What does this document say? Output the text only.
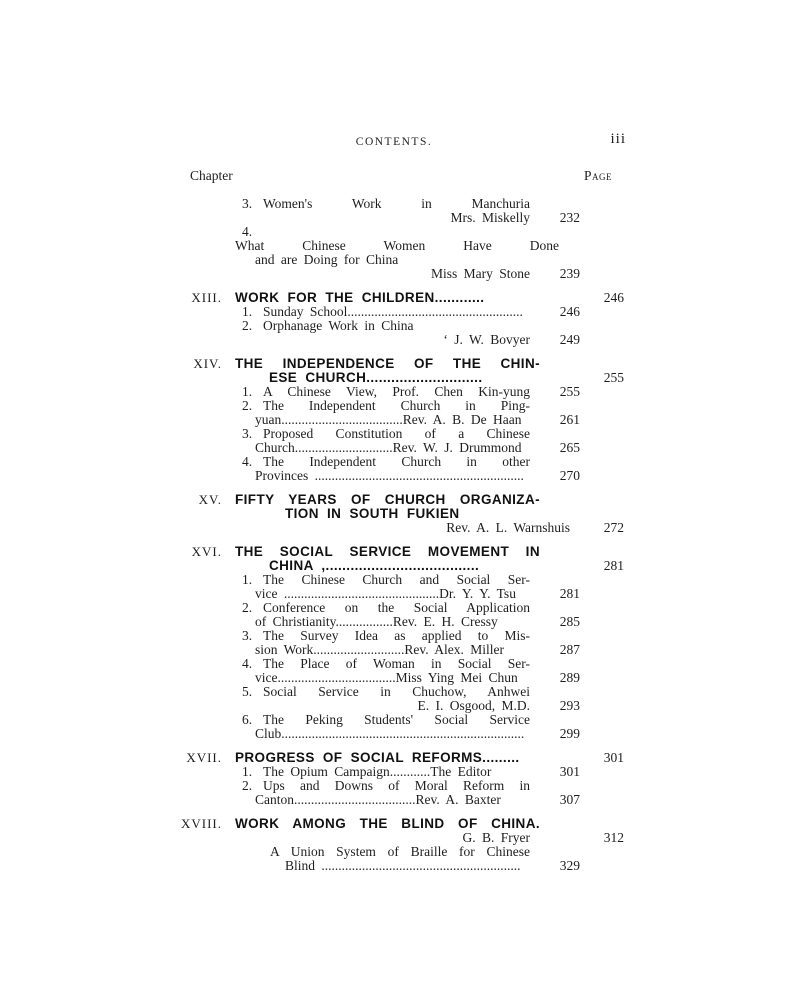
CONTENTS.	iii
Chapter	Page
3. Women's Work in Manchuria
Mrs. Miskelly	232
4.What Chinese Women Have Done
and are Doing for China
Miss Mary Stone	239
XIII. WORK FOR THE CHILDREN............	246
1. Sunday School....................................................	246
2. Orphanage Work in China
‘ J. W. Bovyer	249
XIV. THE INDEPENDENCE OF THE CHIN-
ESE CHURCH............................	255
1. A Chinese View, Prof. Chen Kin-yung	255
2. The Independent Church in Ping-
yuan....................................Rev. A. B. De Haan	261
3. Proposed Constitution of a Chinese
Church.............................Rev. W. J. Drummond	265
4. The Independent Church in other
Provinces ..............................................................	270
XV. FIFTY YEARS OF CHURCH ORGANIZA-
TION IN SOUTH FUKIEN
Rev. A. L. Warnshuis	272
XVI. THE SOCIAL SERVICE MOVEMENT IN
CHINA ,.....................................	281
1. The Chinese Church and Social Ser-
vice ..............................................Dr. Y. Y. Tsu	281
2. Conference on the Social Application
of Christianity.................Rev. E. H. Cressy	285
3. The Survey Idea as applied to Mis-
sion Work...........................Rev. Alex. Miller	287
4. The Place of Woman in Social Ser-
vice...................................Miss Ying Mei Chun	289
5. Social Service in Chuchow, Anhwei
E. I. Osgood, M.D.	293
6. The Peking Students' Social Service
Club........................................................................	299
XVII. PROGRESS OF SOCIAL REFORMS.........	301
1. The Opium Campaign............The Editor	301
2. Ups and Downs of Moral Reform in
Canton....................................Rev. A. Baxter	307
XVIII. WORK AMONG THE BLIND OF CHINA.
G. B. Fryer	312
A Union System of Braille for Chinese
Blind ...........................................................	329
